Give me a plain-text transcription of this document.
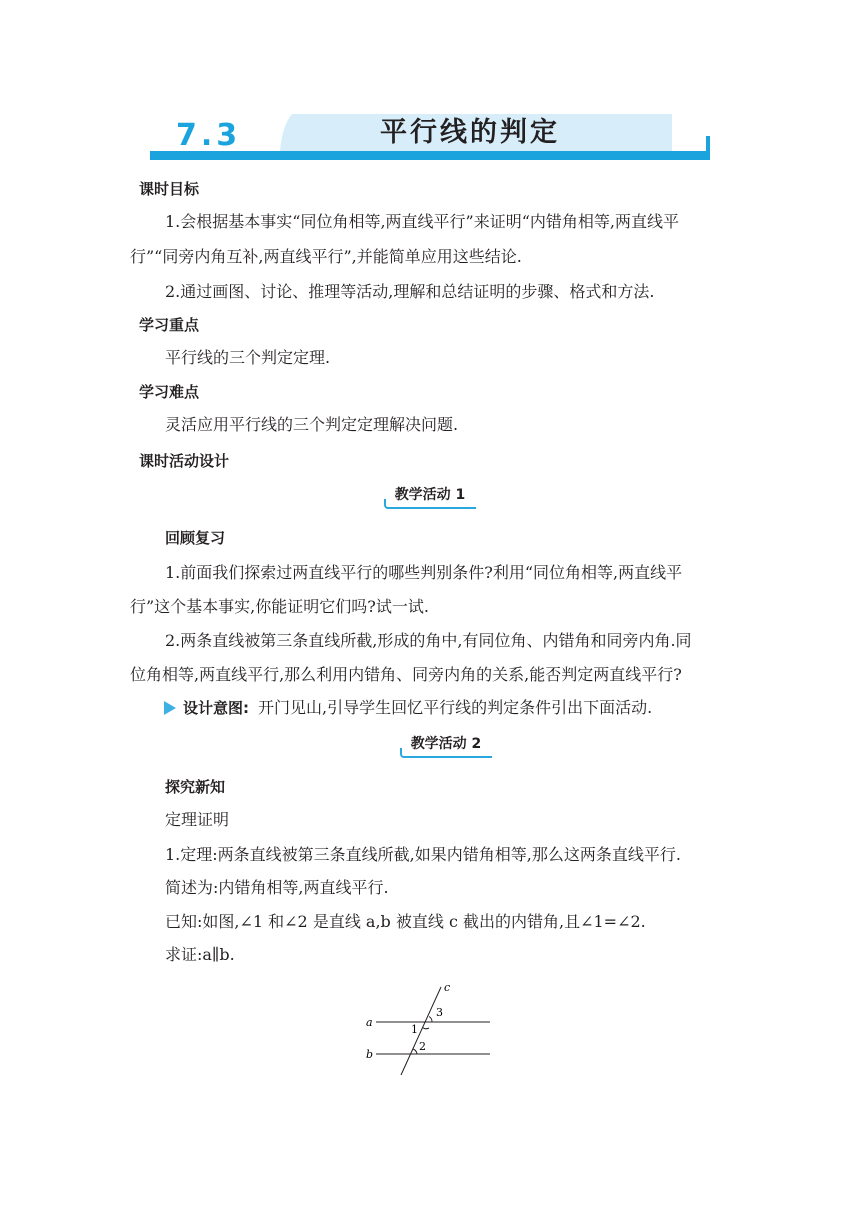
7.3	平行线的判定
课时目标
1.会根据基本事实“同位角相等,两直线平行”来证明“内错角相等,两直线平
行”“同旁内角互补,两直线平行”,并能简单应用这些结论.
2.通过画图、讨论、推理等活动,理解和总结证明的步骤、格式和方法.
学习重点
平行线的三个判定定理.
学习难点
灵活应用平行线的三个判定定理解决问题.
课时活动设计
教学活动 1
回顾复习
1.前面我们探索过两直线平行的哪些判别条件?利用“同位角相等,两直线平
行”这个基本事实,你能证明它们吗?试一试.
2.两条直线被第三条直线所截,形成的角中,有同位角、内错角和同旁内角.同
位角相等,两直线平行,那么利用内错角、同旁内角的关系,能否判定两直线平行?
设计意图: 开门见山,引导学生回忆平行线的判定条件引出下面活动.
教学活动 2
探究新知
定理证明
1.定理:两条直线被第三条直线所截,如果内错角相等,那么这两条直线平行.
简述为:内错角相等,两直线平行.
已知:如图,∠1 和∠2 是直线 a,b 被直线 c 截出的内错角,且∠1=∠2.
求证:a∥b.
a
b
c
1
3
2
